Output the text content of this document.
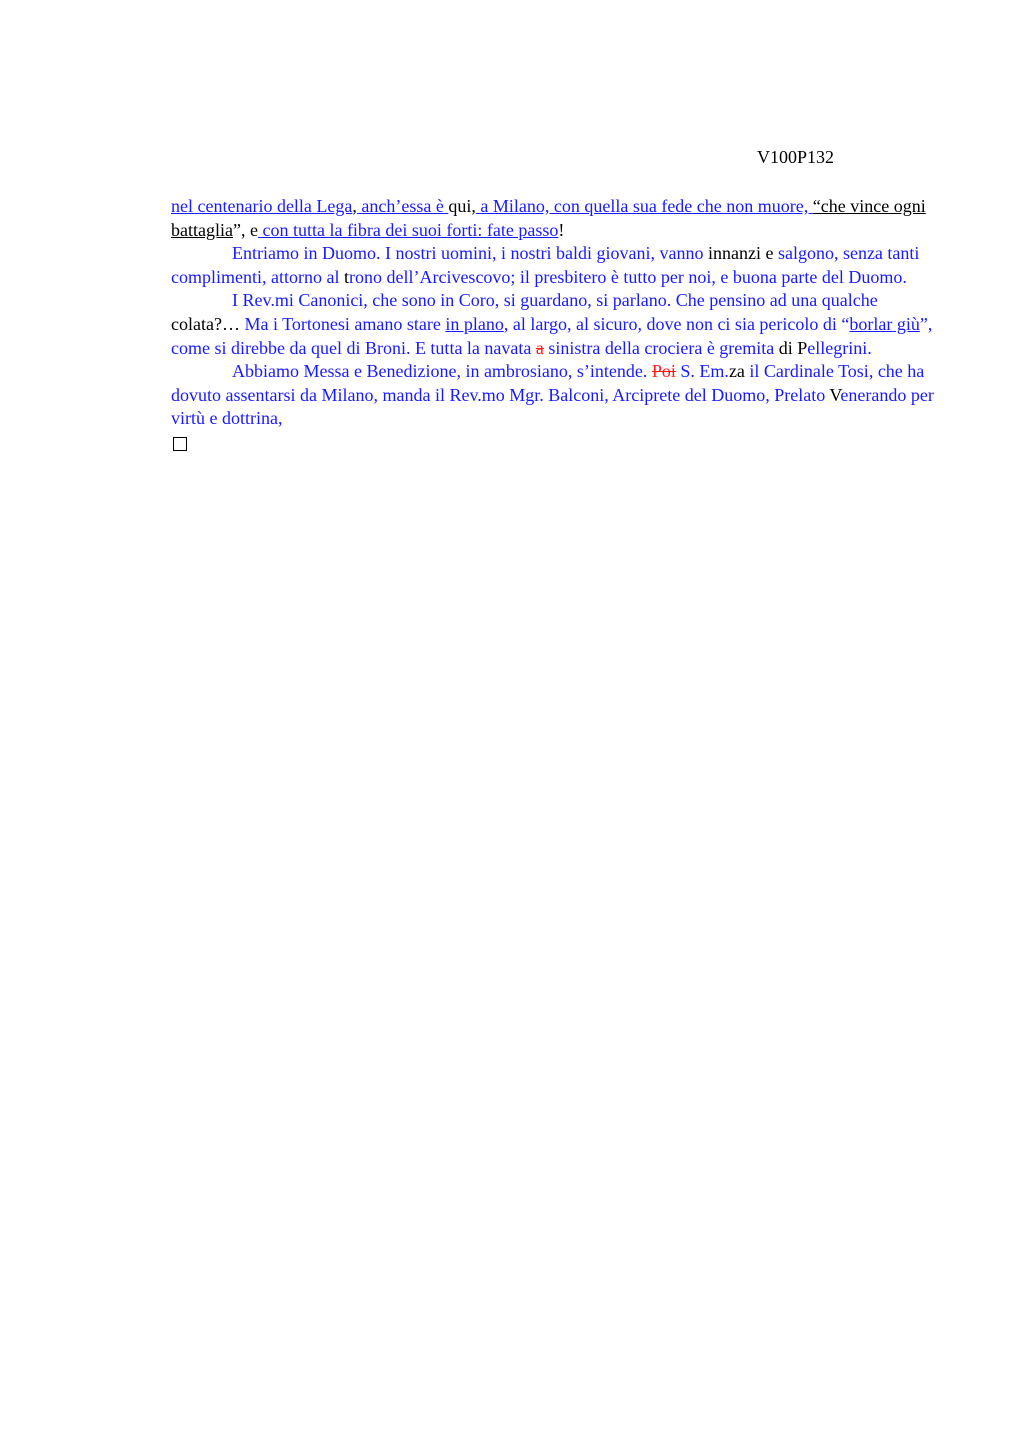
V100P132

nel centenario della Lega, anch’essa è qui, a Milano, con quella sua fede che non muore, “che vince ogni battaglia”, e con tutta la fibra dei suoi forti: fate passo!

Entriamo in Duomo. I nostri uomini, i nostri baldi giovani, vanno innanzi e salgono, senza tanti complimenti, attorno al trono dell’Arcivescovo; il presbitero è tutto per noi, e buona parte del Duomo.

I Rev.mi Canonici, che sono in Coro, si guardano, si parlano. Che pensino ad una qualche colata?… Ma i Tortonesi amano stare in plano, al largo, al sicuro, dove non ci sia pericolo di “borlar giù”, come si direbbe da quel di Broni. E tutta la navata a sinistra della crociera è gremita di Pellegrini.

Abbiamo Messa e Benedizione, in ambrosiano, s’intende. Poi S. Em.za il Cardinale Tosi, che ha dovuto assentarsi da Milano, manda il Rev.mo Mgr. Balconi, Arciprete del Duomo, Prelato Venerando per virtù e dottrina,
